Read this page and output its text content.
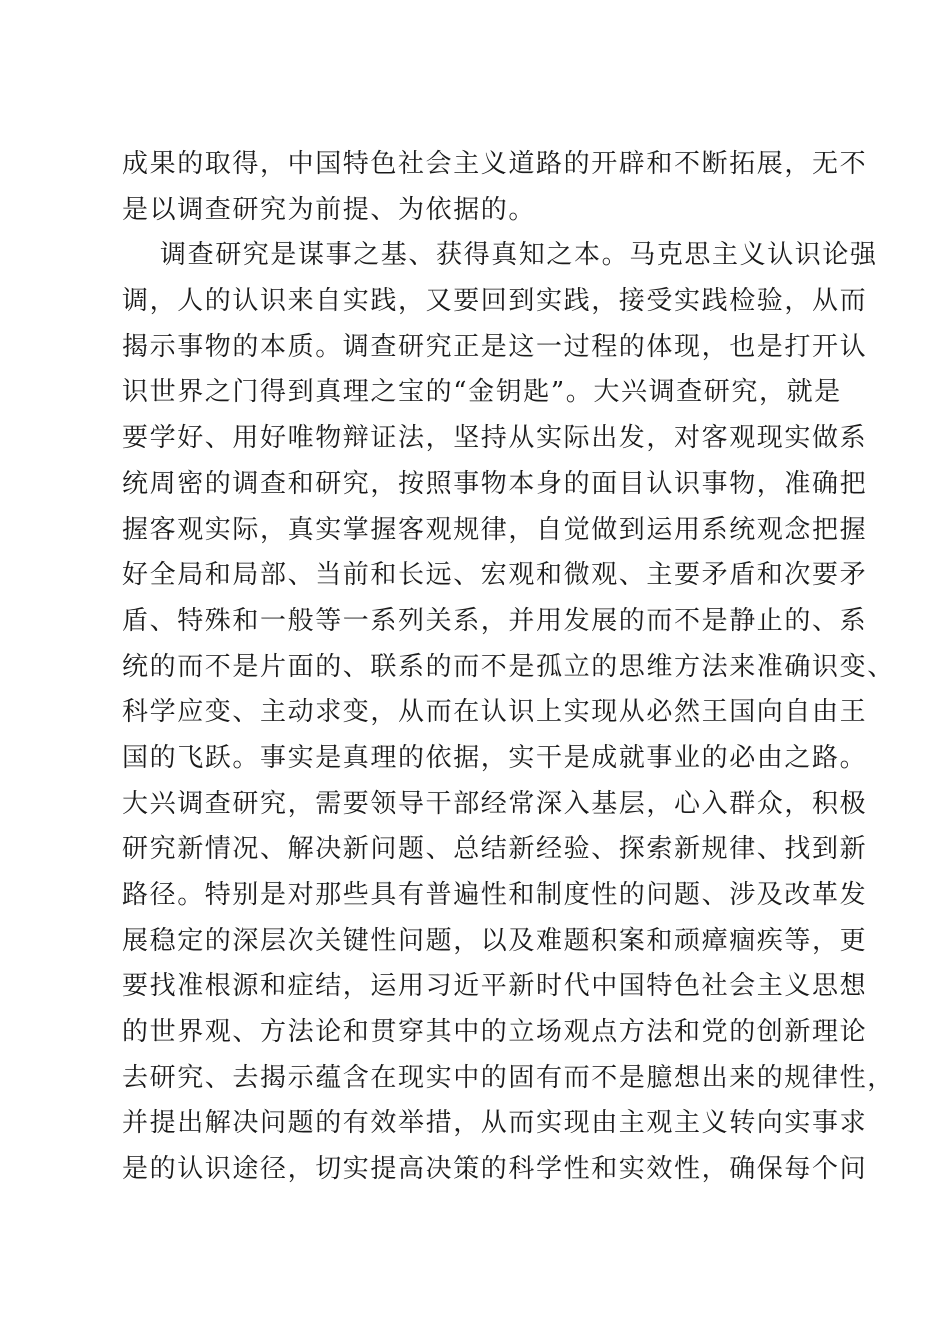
成果的取得，中国特色社会主义道路的开辟和不断拓展，无不
是以调查研究为前提、为依据的。
调查研究是谋事之基、获得真知之本。马克思主义认识论强
调，人的认识来自实践，又要回到实践，接受实践检验，从而
揭示事物的本质。调查研究正是这一过程的体现，也是打开认
识世界之门得到真理之宝的“金钥匙”。大兴调查研究，就是
要学好、用好唯物辩证法，坚持从实际出发，对客观现实做系
统周密的调查和研究，按照事物本身的面目认识事物，准确把
握客观实际，真实掌握客观规律，自觉做到运用系统观念把握
好全局和局部、当前和长远、宏观和微观、主要矛盾和次要矛
盾、特殊和一般等一系列关系，并用发展的而不是静止的、系
统的而不是片面的、联系的而不是孤立的思维方法来准确识变、
科学应变、主动求变，从而在认识上实现从必然王国向自由王
国的飞跃。事实是真理的依据，实干是成就事业的必由之路。
大兴调查研究，需要领导干部经常深入基层，心入群众，积极
研究新情况、解决新问题、总结新经验、探索新规律、找到新
路径。特别是对那些具有普遍性和制度性的问题、涉及改革发
展稳定的深层次关键性问题，以及难题积案和顽瘴痼疾等，更
要找准根源和症结，运用习近平新时代中国特色社会主义思想
的世界观、方法论和贯穿其中的立场观点方法和党的创新理论
去研究、去揭示蕴含在现实中的固有而不是臆想出来的规律性，
并提出解决问题的有效举措，从而实现由主观主义转向实事求
是的认识途径，切实提高决策的科学性和实效性，确保每个问
